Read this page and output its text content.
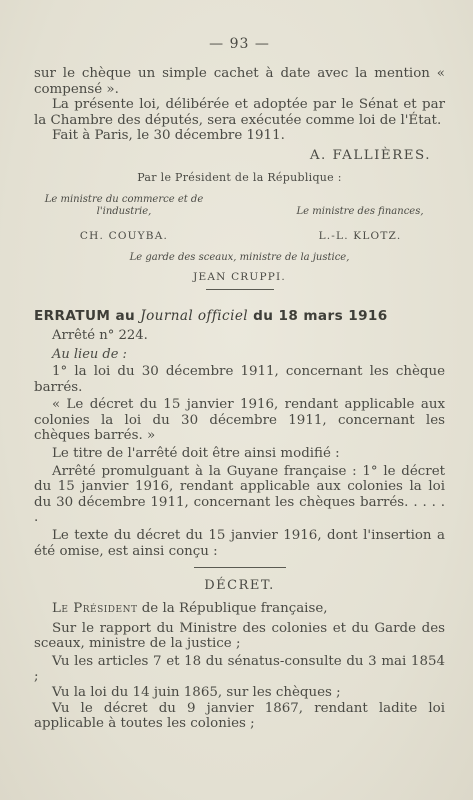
— 93 —

sur le chèque un simple cachet à date avec la mention « compensé ».

La présente loi, délibérée et adoptée par le Sénat et par la Chambre des députés, sera exécutée comme loi de l'État.

Fait à Paris, le 30 décembre 1911.

A. FALLIÈRES.
Par le Président de la République :
Le ministre du commerce et de l'industrie,
CH. COUYBA.
Le ministre des finances,
L.-L. KLOTZ.
Le garde des sceaux, ministre de la justice,
JEAN CRUPPI.
ERRATUM au Journal officiel du 18 mars 1916
Arrêté n° 224.
Au lieu de :

1° la loi du 30 décembre 1911, concernant les chèque barrés.

« Le décret du 15 janvier 1916, rendant applicable aux colonies la loi du 30 décembre 1911, concernant les chèques barrés. »

Le titre de l'arrêté doit être ainsi modifié :

Arrêté promulguant à la Guyane française : 1° le décret du 15 janvier 1916, rendant applicable aux colonies la loi du 30 décembre 1911, concernant les chèques barrés. . . . . .

Le texte du décret du 15 janvier 1916, dont l'insertion a été omise, est ainsi conçu :

DÉCRET.

Le Président de la République française,

Sur le rapport du Ministre des colonies et du Garde des sceaux, ministre de la justice ;

Vu les articles 7 et 18 du sénatus-consulte du 3 mai 1854 ;

Vu la loi du 14 juin 1865, sur les chèques ;

Vu le décret du 9 janvier 1867, rendant ladite loi applicable à toutes les colonies ;
